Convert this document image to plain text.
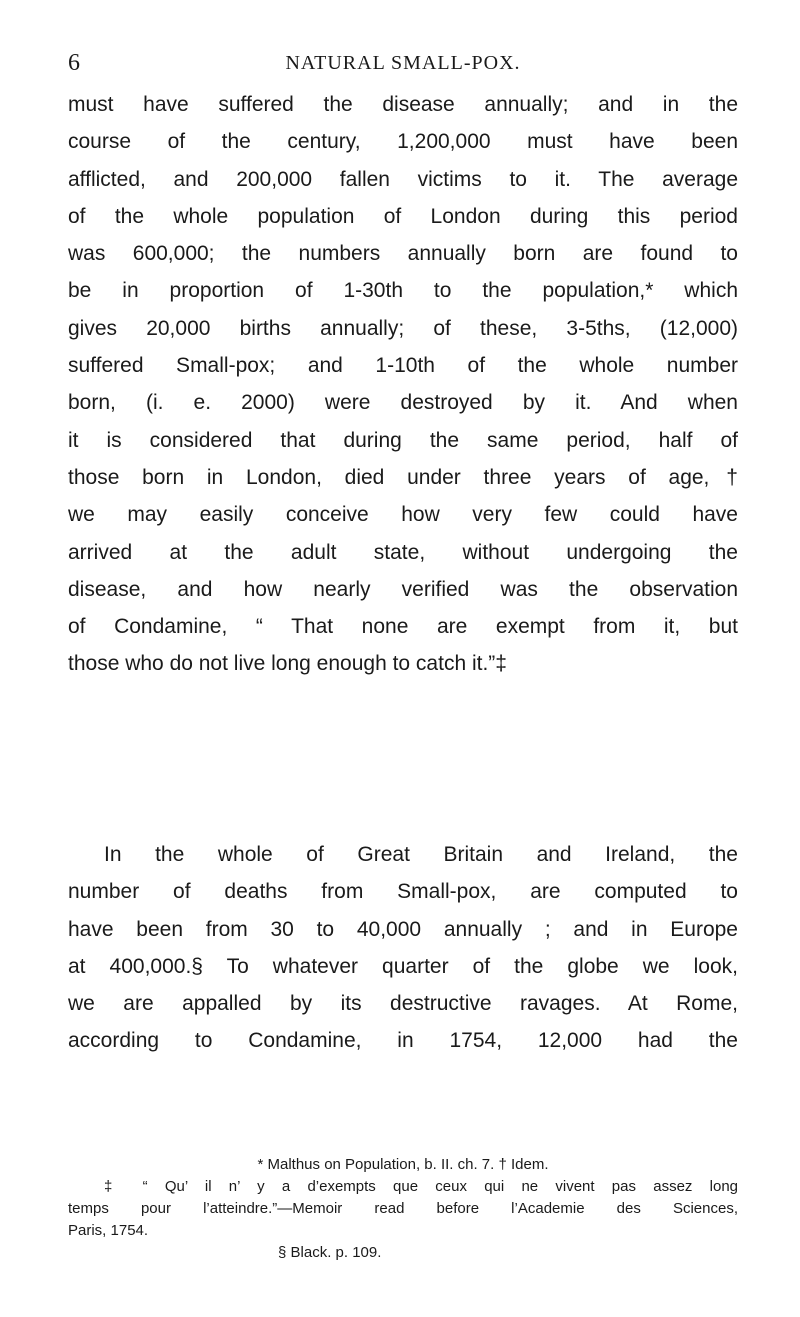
6	NATURAL SMALL-POX.
must have suffered the disease annually; and in the
course of the century, 1,200,000 must have been
afflicted, and 200,000 fallen victims to it. The average
of the whole population of London during this period
was 600,000; the numbers annually born are found to
be in proportion of 1-30th to the population,* which
gives 20,000 births annually; of these, 3-5ths, (12,000)
suffered Small-pox; and 1-10th of the whole number
born, (i. e. 2000) were destroyed by it. And when
it is considered that during the same period, half of
those born in London, died under three years of age,†
we may easily conceive how very few could have
arrived at the adult state, without undergoing the
disease, and how nearly verified was the observation
of Condamine, “ That none are exempt from it, but
those who do not live long enough to catch it.”‡
In the whole of Great Britain and Ireland, the
number of deaths from Small-pox, are computed to
have been from 30 to 40,000 annually ; and in Europe
at 400,000.§ To whatever quarter of the globe we look,
we are appalled by its destructive ravages. At Rome,
according to Condamine, in 1754, 12,000 had the
* Malthus on Population, b. II. ch. 7. † Idem.
‡ “ Qu’ il n’ y a d’exempts que ceux qui ne vivent pas assez long
temps pour l’atteindre.”—Memoir read before l’Academie des Sciences,
Paris, 1754.
§ Black. p. 109.
